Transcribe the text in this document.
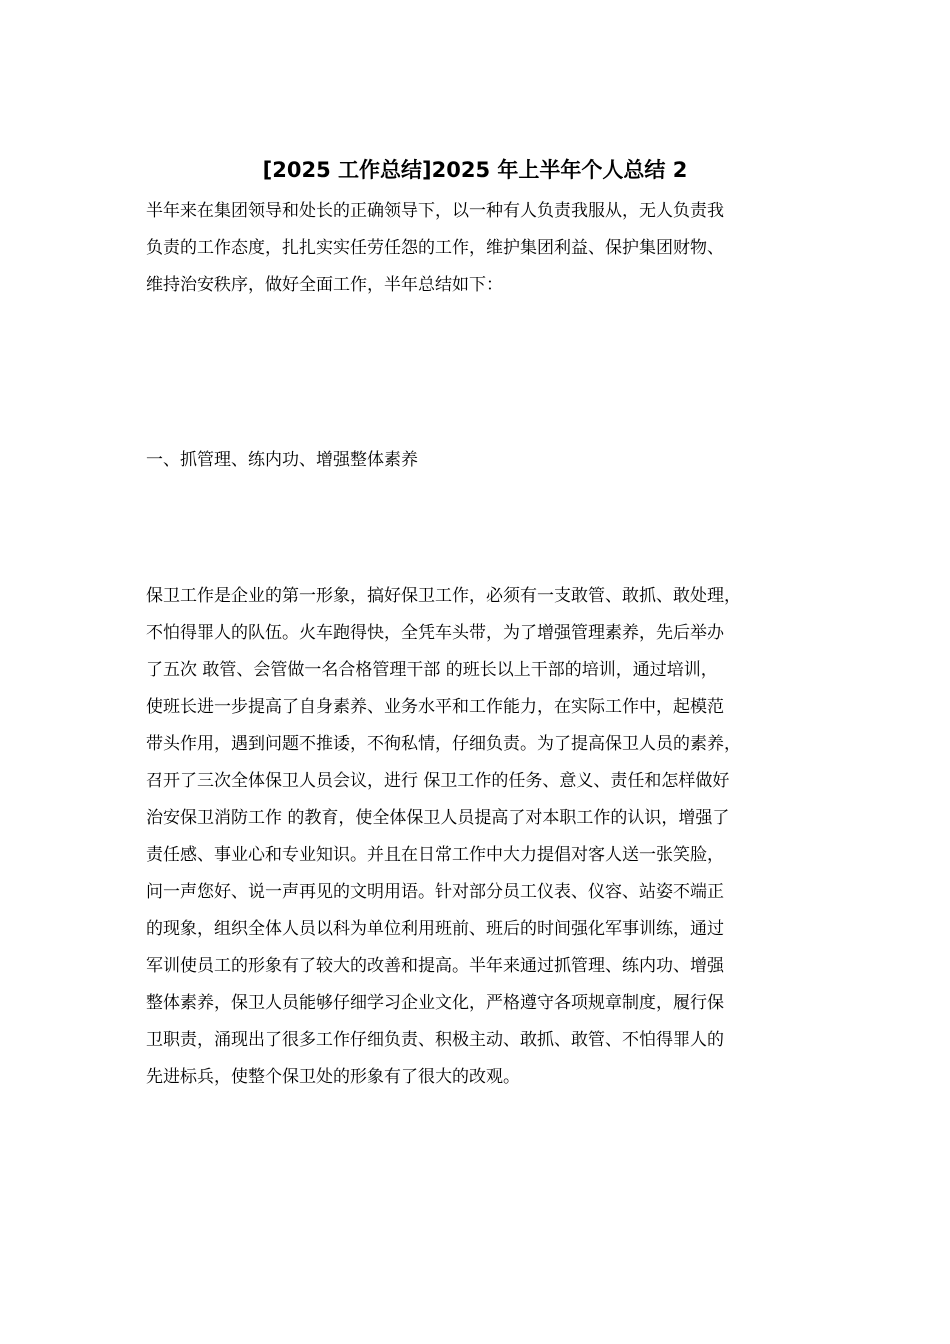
[2025 工作总结]2025 年上半年个人总结 2
半年来在集团领导和处长的正确领导下，以一种有人负责我服从，无人负责我
负责的工作态度，扎扎实实任劳任怨的工作，维护集团利益、保护集团财物、
维持治安秩序，做好全面工作，半年总结如下：
一、抓管理、练内功、增强整体素养
保卫工作是企业的第一形象，搞好保卫工作，必须有一支敢管、敢抓、敢处理，
不怕得罪人的队伍。火车跑得快，全凭车头带，为了增强管理素养，先后举办
了五次 敢管、会管做一名合格管理干部 的班长以上干部的培训，通过培训，
使班长进一步提高了自身素养、业务水平和工作能力，在实际工作中，起模范
带头作用，遇到问题不推诿，不徇私情，仔细负责。为了提高保卫人员的素养，
召开了三次全体保卫人员会议，进行 保卫工作的任务、意义、责任和怎样做好
治安保卫消防工作 的教育，使全体保卫人员提高了对本职工作的认识，增强了
责任感、事业心和专业知识。并且在日常工作中大力提倡对客人送一张笑脸，
问一声您好、说一声再见的文明用语。针对部分员工仪表、仪容、站姿不端正
的现象，组织全体人员以科为单位利用班前、班后的时间强化军事训练，通过
军训使员工的形象有了较大的改善和提高。半年来通过抓管理、练内功、增强
整体素养，保卫人员能够仔细学习企业文化，严格遵守各项规章制度，履行保
卫职责，涌现出了很多工作仔细负责、积极主动、敢抓、敢管、不怕得罪人的
先进标兵，使整个保卫处的形象有了很大的改观。
